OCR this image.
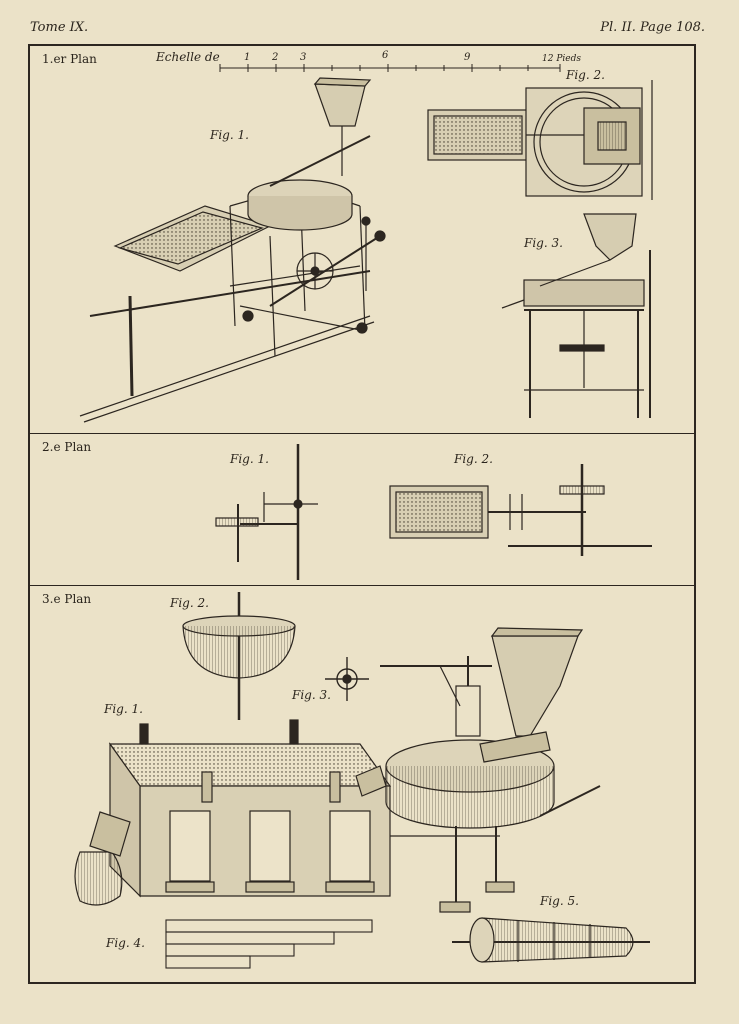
Tome IX.	Pl. II. Page 108.
1.er Plan	Echelle de 1 2 3	6	9	12 Pieds
Fig. 1.
Fig. 2.
Fig. 3.
2.e Plan
Fig. 1.	Fig. 2.
3.e Plan	Fig. 2.
Fig. 3.
Fig. 1.
Fig. 4.
Fig. 5.
